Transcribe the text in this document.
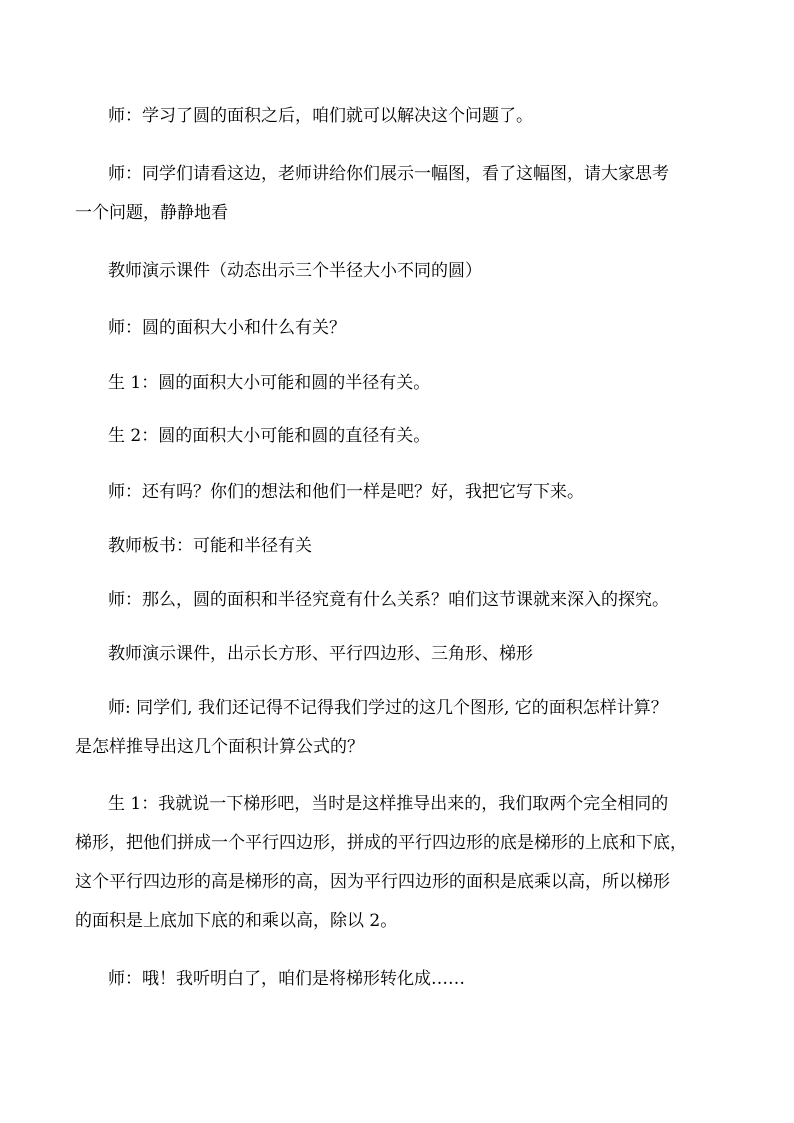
师：学习了圆的面积之后，咱们就可以解决这个问题了。
师：同学们请看这边，老师讲给你们展示一幅图，看了这幅图，请大家思考
一个问题，静静地看
教师演示课件（动态出示三个半径大小不同的圆）
师：圆的面积大小和什么有关？
生 1：圆的面积大小可能和圆的半径有关。
生 2：圆的面积大小可能和圆的直径有关。
师：还有吗？你们的想法和他们一样是吧？好，我把它写下来。
教师板书：可能和半径有关
师：那么，圆的面积和半径究竟有什么关系？咱们这节课就来深入的探究。
教师演示课件，出示长方形、平行四边形、三角形、梯形
师: 同学们, 我们还记得不记得我们学过的这几个图形, 它的面积怎样计算？
是怎样推导出这几个面积计算公式的？
生 1：我就说一下梯形吧，当时是这样推导出来的，我们取两个完全相同的
梯形，把他们拼成一个平行四边形，拼成的平行四边形的底是梯形的上底和下底，
这个平行四边形的高是梯形的高，因为平行四边形的面积是底乘以高，所以梯形
的面积是上底加下底的和乘以高，除以 2。
师：哦！我听明白了，咱们是将梯形转化成……
